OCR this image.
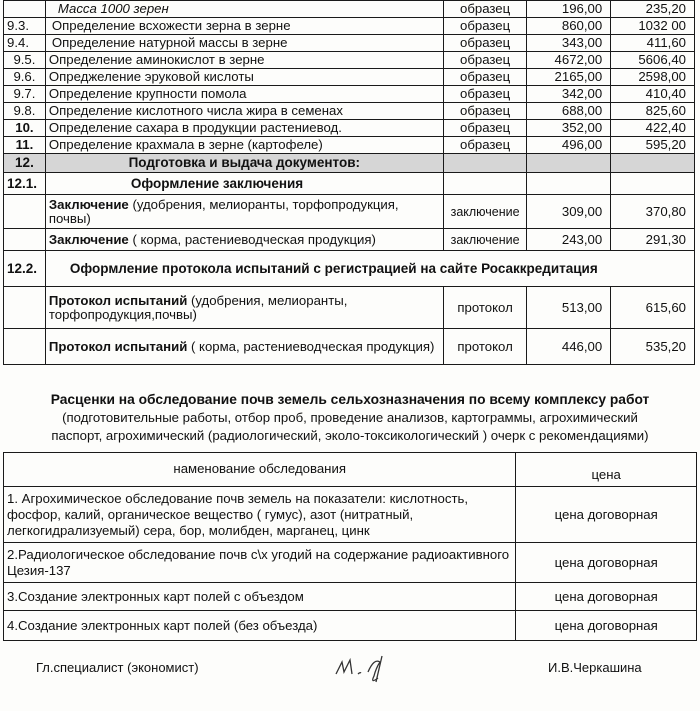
	Масса 1000 зерен	образец	196,00	235,20
9.3.	Определение всхожести зерна в зерне	образец	860,00	1032 00
9.4.	Определение натурной массы в зерне	образец	343,00	411,60
9.5.	Определение аминокислот в зерне	образец	4672,00	5606,40
9.6.	Опреджеление эруковой кислоты	образец	2165,00	2598,00
9.7.	Определение крупности помола	образец	342,00	410,40
9.8.	Определение кислотного числа жира в семенах	образец	688,00	825,60
10.	Определение сахара в продукции растениевод.	образец	352,00	422,40
11.	Определение крахмала в зерне (картофеле)	образец	496,00	595,20
12.	Подготовка и выдача документов:			
12.1.	Оформление заключения			
	Заключение (удобрения, мелиоранты, торфопродукция, почвы)	заключение	309,00	370,80
	Заключение ( корма, растениеводческая продукция)	заключение	243,00	291,30
12.2.	Оформление протокола испытаний с регистрацией на сайте Росаккредитация			
	Протокол испытаний (удобрения, мелиоранты, торфопродукция,почвы)	протокол	513,00	615,60
	Протокол испытаний ( корма, растениеводческая продукция)	протокол	446,00	535,20
Расценки на обследование почв земель сельхозназначения по всему комплексу работ
(подготовительные работы, отбор проб, проведение анализов, картограммы, агрохимический
паспорт, агрохимический (радиологический, эколо-токсикологический ) очерк с рекомендациями)
наменование обследования	цена
1. Агрохимическое обследование почв земель на показатели: кислотность, фосфор, калий, органическое вещество ( гумус), азот (нитратный, легкогидрализуемый) сера, бор, молибден, марганец, цинк	цена договорная
2.Радиологическое обследование почв с\х угодий на содержание радиоактивного Цезия-137	цена договорная
3.Создание электронных карт полей с объездом	цена договорная
4.Создание электронных карт полей (без объезда)	цена договорная
Гл.специалист (экономист)	И.В.Черкашина
